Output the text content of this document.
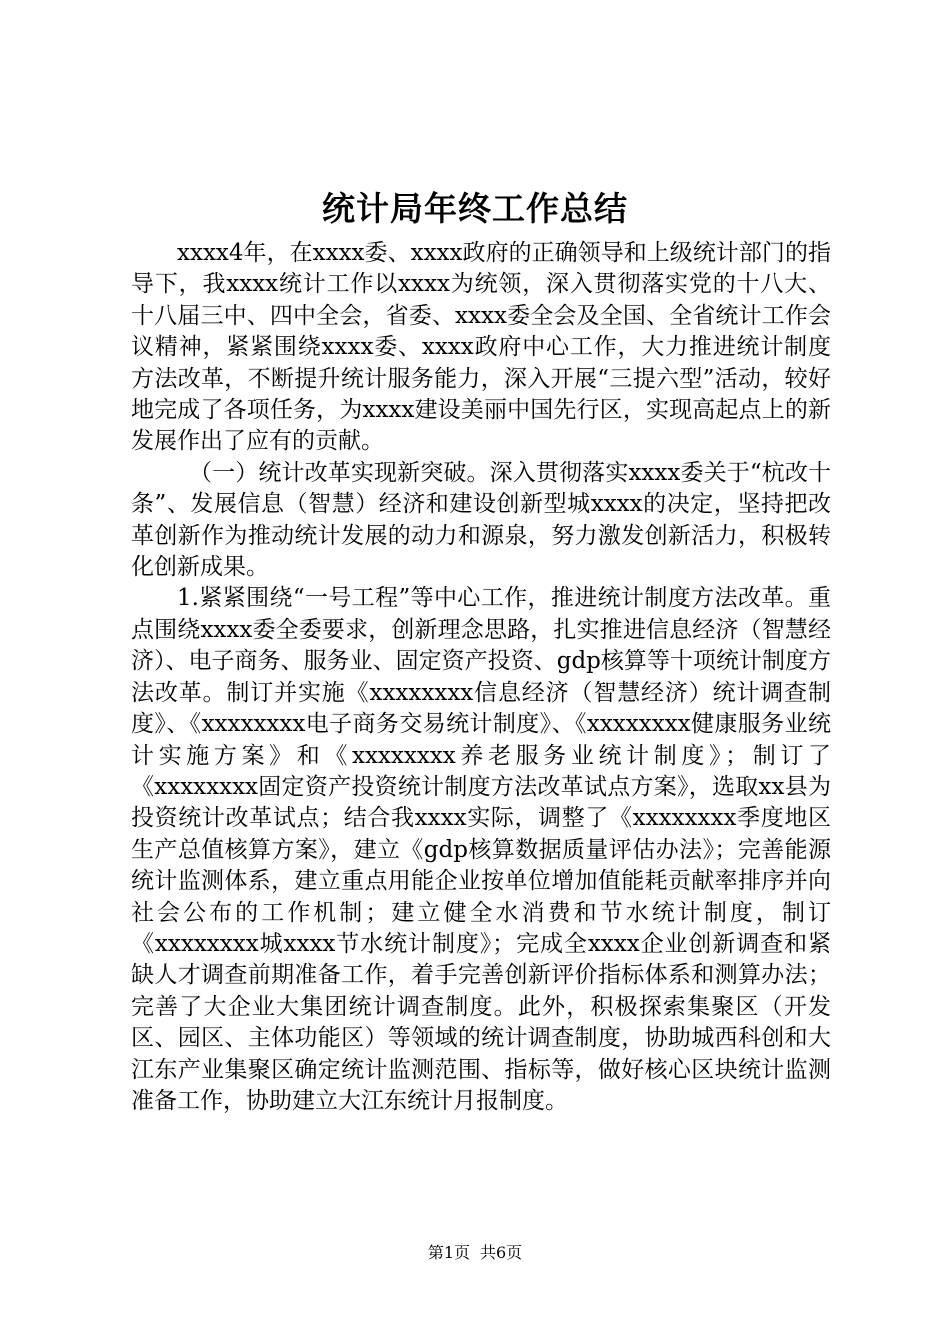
统计局年终工作总结

xxxx4年，在xxxx委、xxxx政府的正确领导和上级统计部门的指导下，我xxxx统计工作以xxxx为统领，深入贯彻落实党的十八大、十八届三中、四中全会，省委、xxxx委全会及全国、全省统计工作会议精神，紧紧围绕xxxx委、xxxx政府中心工作，大力推进统计制度方法改革，不断提升统计服务能力，深入开展“三提六型”活动，较好地完成了各项任务，为xxxx建设美丽中国先行区，实现高起点上的新发展作出了应有的贡献。

（一）统计改革实现新突破。深入贯彻落实xxxx委关于“杭改十条”、发展信息（智慧）经济和建设创新型城xxxx的决定，坚持把改革创新作为推动统计发展的动力和源泉，努力激发创新活力，积极转化创新成果。

1.紧紧围绕“一号工程”等中心工作，推进统计制度方法改革。重点围绕xxxx委全委要求，创新理念思路，扎实推进信息经济（智慧经济）、电子商务、服务业、固定资产投资、gdp核算等十项统计制度方法改革。制订并实施《xxxxxxxx信息经济（智慧经济）统计调查制度》、《xxxxxxxx电子商务交易统计制度》、《xxxxxxxx健康服务业统计实施方案》和《xxxxxxxx养老服务业统计制度》；制订了《xxxxxxxx固定资产投资统计制度方法改革试点方案》，选取xx县为投资统计改革试点；结合我xxxx实际，调整了《xxxxxxxx季度地区生产总值核算方案》，建立《gdp核算数据质量评估办法》；完善能源统计监测体系，建立重点用能企业按单位增加值能耗贡献率排序并向社会公布的工作机制；建立健全水消费和节水统计制度，制订《xxxxxxxx城xxxx节水统计制度》；完成全xxxx企业创新调查和紧缺人才调查前期准备工作，着手完善创新评价指标体系和测算办法；完善了大企业大集团统计调查制度。此外，积极探索集聚区（开发区、园区、主体功能区）等领域的统计调查制度，协助城西科创和大江东产业集聚区确定统计监测范围、指标等，做好核心区块统计监测准备工作，协助建立大江东统计月报制度。

第1页 共6页
